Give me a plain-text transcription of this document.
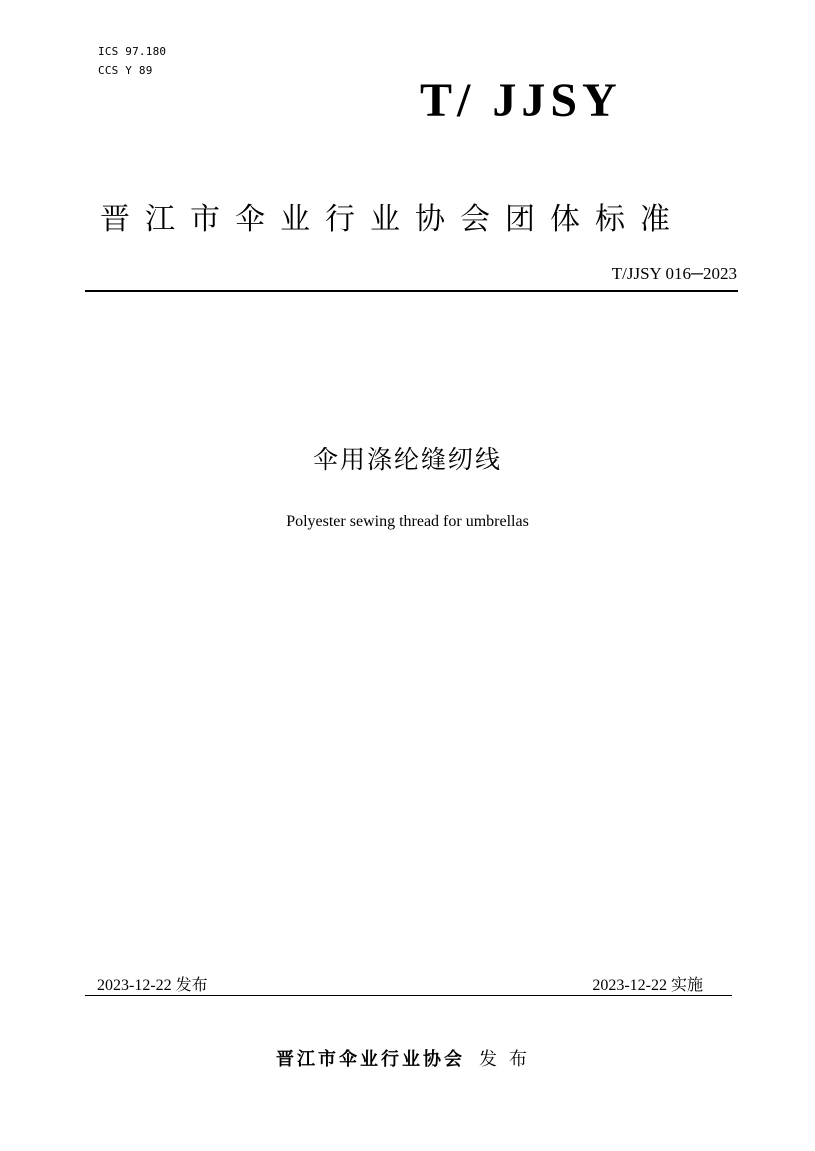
ICS 97.180
CCS Y 89
T/ JJSY
晋江市伞业行业协会团体标准
T/JJSY 016─2023
伞用涤纶缝纫线
Polyester sewing thread for umbrellas
2023-12-22 发布	2023-12-22 实施
晋江市伞业行业协会 发布
